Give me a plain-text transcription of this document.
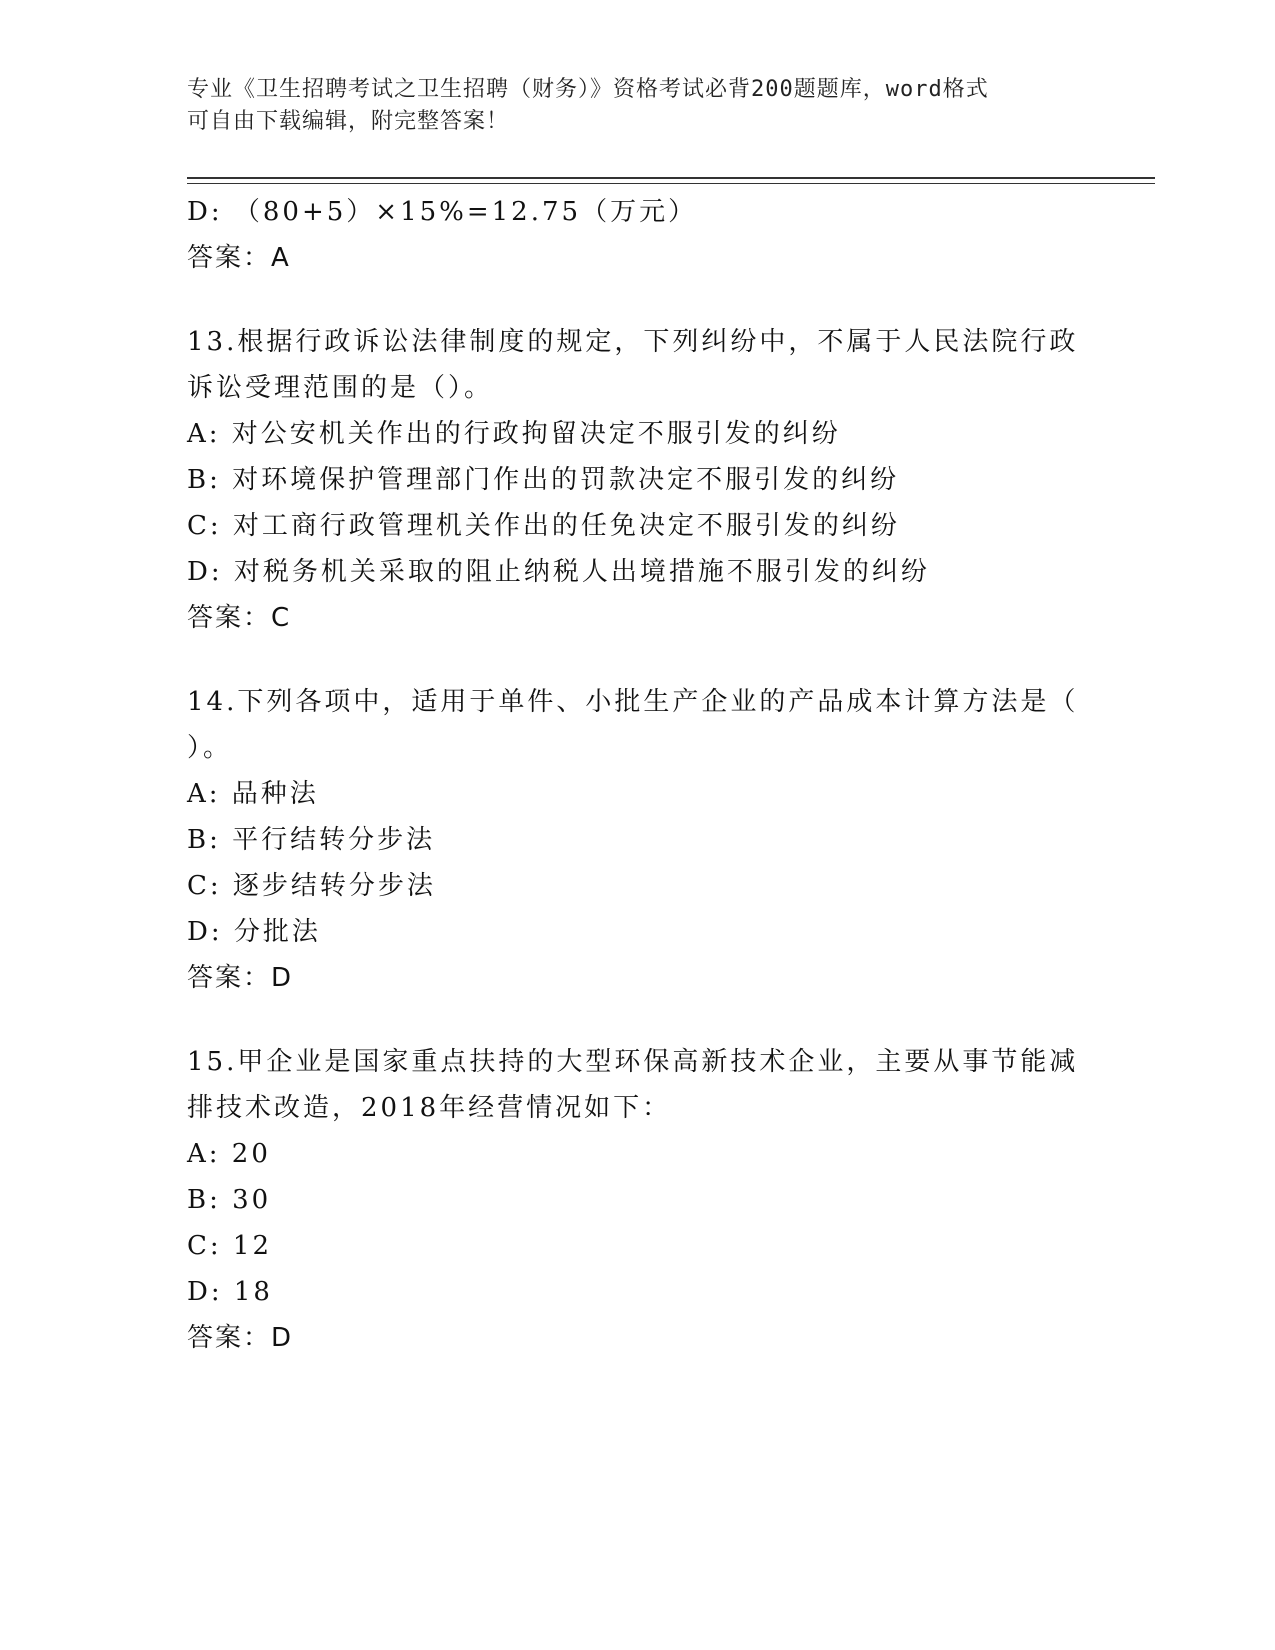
专业《卫生招聘考试之卫生招聘（财务）》资格考试必背200题题库，word格式
可自由下载编辑，附完整答案！
D: （80+5）×15%=12.75（万元）
答案：A
13.根据行政诉讼法律制度的规定，下列纠纷中，不属于人民法院行政
诉讼受理范围的是（）。
A: 对公安机关作出的行政拘留决定不服引发的纠纷
B: 对环境保护管理部门作出的罚款决定不服引发的纠纷
C: 对工商行政管理机关作出的任免决定不服引发的纠纷
D: 对税务机关采取的阻止纳税人出境措施不服引发的纠纷
答案：C
14.下列各项中，适用于单件、小批生产企业的产品成本计算方法是（
）。
A: 品种法
B: 平行结转分步法
C: 逐步结转分步法
D: 分批法
答案：D
15.甲企业是国家重点扶持的大型环保高新技术企业，主要从事节能减
排技术改造，2018年经营情况如下：
A: 20
B: 30
C: 12
D: 18
答案：D
